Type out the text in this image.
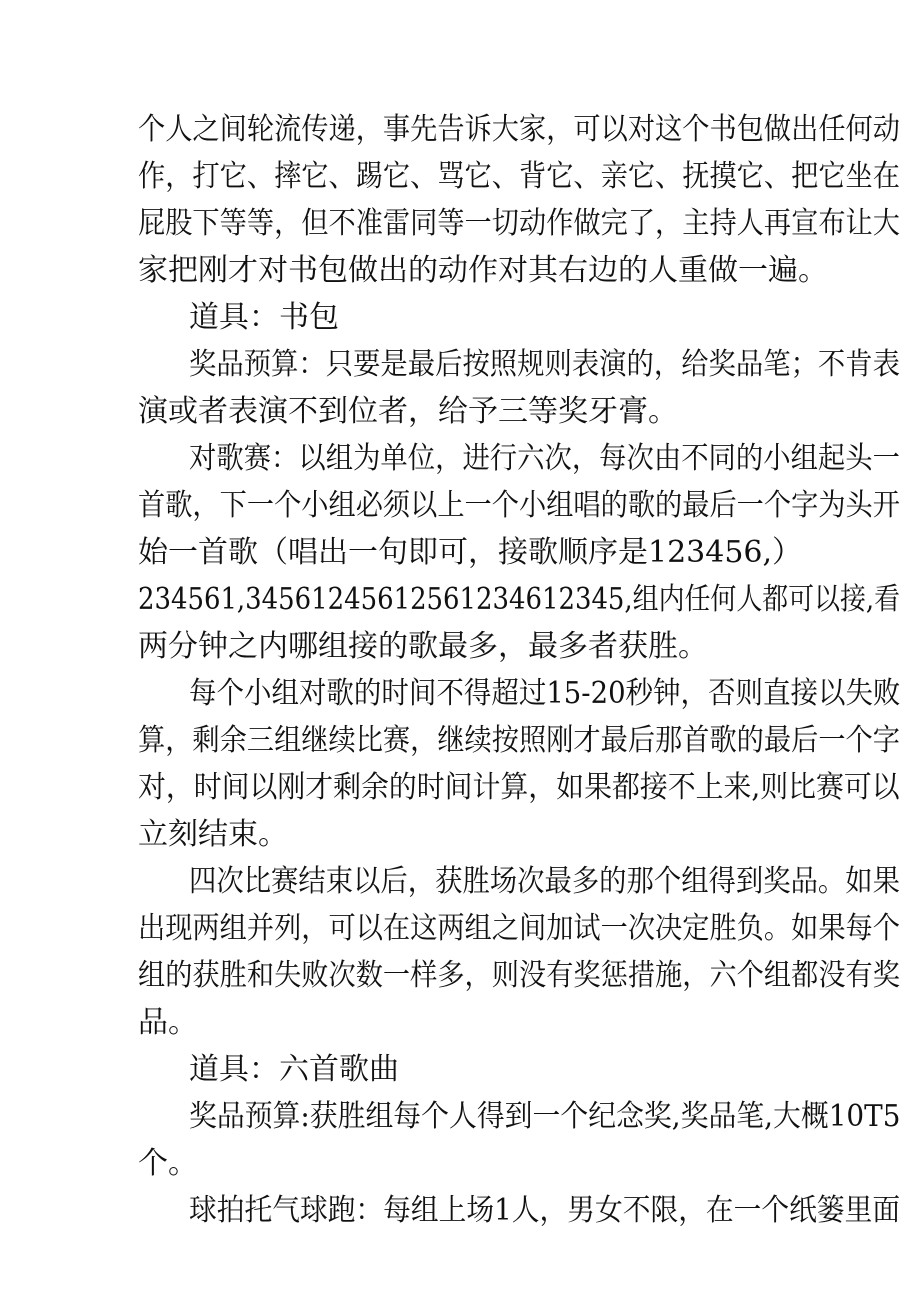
个人之间轮流传递，事先告诉大家，可以对这个书包做出任何动
作，打它、摔它、踢它、骂它、背它、亲它、抚摸它、把它坐在
屁股下等等，但不准雷同等一切动作做完了，主持人再宣布让大
家把刚才对书包做出的动作对其右边的人重做一遍。
道具：书包
奖品预算：只要是最后按照规则表演的，给奖品笔；不肯表
演或者表演不到位者，给予三等奖牙膏。
对歌赛：以组为单位，进行六次，每次由不同的小组起头一
首歌，下一个小组必须以上一个小组唱的歌的最后一个字为头开
始一首歌（唱出一句即可，接歌顺序是123456,）
234561,345612456125612346123​45,组内任何人都可以接,看
两分钟之内哪组接的歌最多，最多者获胜。
每个小组对歌的时间不得超过15-20秒钟，否则直接以失败
算，剩余三组继续比赛，继续按照刚才最后那首歌的最后一个字
对，时间以刚才剩余的时间计算，如果都接不上来,则比赛可以
立刻结束。
四次比赛结束以后，获胜场次最多的那个组得到奖品。如果
出现两组并列，可以在这两组之间加试一次决定胜负。如果每个
组的获胜和失败次数一样多，则没有奖惩措施，六个组都没有奖
品。
道具：六首歌曲
奖品预算:获胜组每个人得到一个纪念奖,奖品笔,大概10T5
个。
球拍托气球跑：每组上场1人，男女不限，在一个纸篓里面
